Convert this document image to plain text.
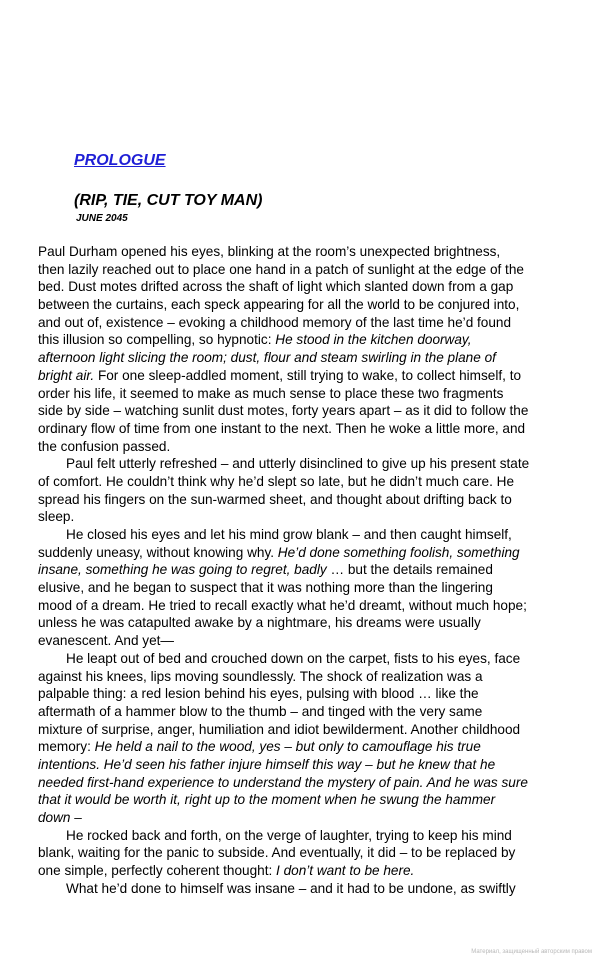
PROLOGUE
(RIP, TIE, CUT TOY MAN)
JUNE 2045
Paul Durham opened his eyes, blinking at the room’s unexpected brightness,
then lazily reached out to place one hand in a patch of sunlight at the edge of the
bed. Dust motes drifted across the shaft of light which slanted down from a gap
between the curtains, each speck appearing for all the world to be conjured into,
and out of, existence – evoking a childhood memory of the last time he’d found
this illusion so compelling, so hypnotic: He stood in the kitchen doorway,
afternoon light slicing the room; dust, flour and steam swirling in the plane of
bright air. For one sleep-addled moment, still trying to wake, to collect himself, to
order his life, it seemed to make as much sense to place these two fragments
side by side – watching sunlit dust motes, forty years apart – as it did to follow the
ordinary flow of time from one instant to the next. Then he woke a little more, and
the confusion passed.
Paul felt utterly refreshed – and utterly disinclined to give up his present state
of comfort. He couldn’t think why he’d slept so late, but he didn’t much care. He
spread his fingers on the sun-warmed sheet, and thought about drifting back to
sleep.
He closed his eyes and let his mind grow blank – and then caught himself,
suddenly uneasy, without knowing why. He’d done something foolish, something
insane, something he was going to regret, badly … but the details remained
elusive, and he began to suspect that it was nothing more than the lingering
mood of a dream. He tried to recall exactly what he’d dreamt, without much hope;
unless he was catapulted awake by a nightmare, his dreams were usually
evanescent. And yet—
He leapt out of bed and crouched down on the carpet, fists to his eyes, face
against his knees, lips moving soundlessly. The shock of realization was a
palpable thing: a red lesion behind his eyes, pulsing with blood … like the
aftermath of a hammer blow to the thumb – and tinged with the very same
mixture of surprise, anger, humiliation and idiot bewilderment. Another childhood
memory: He held a nail to the wood, yes – but only to camouflage his true
intentions. He’d seen his father injure himself this way – but he knew that he
needed first-hand experience to understand the mystery of pain. And he was sure
that it would be worth it, right up to the moment when he swung the hammer
down –
He rocked back and forth, on the verge of laughter, trying to keep his mind
blank, waiting for the panic to subside. And eventually, it did – to be replaced by
one simple, perfectly coherent thought: I don’t want to be here.
What he’d done to himself was insane – and it had to be undone, as swiftly
Материал, защищенный авторским правом
